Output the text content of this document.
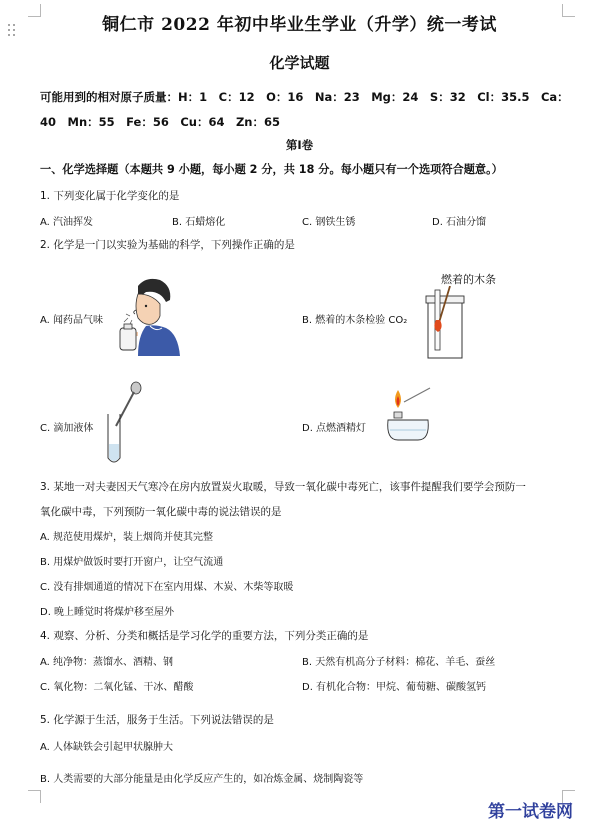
铜仁市 2022 年初中毕业生学业（升学）统一考试
化学试题
可能用到的相对原子质量：H：1　C：12　O：16　Na：23　Mg：24　S：32　Cl：35.5　Ca：
40　Mn：55　Fe：56　Cu：64　Zn：65
第Ⅰ卷
一、化学选择题（本题共 9 小题，每小题 2 分，共 18 分。每小题只有一个选项符合题意。）
1. 下列变化属于化学变化的是
A. 汽油挥发	B. 石蜡熔化	C. 钢铁生锈	D. 石油分馏
2. 化学是一门以实验为基础的科学，下列操作正确的是
A. 闻药品气味	B. 燃着的木条检验 CO₂
C. 滴加液体	D. 点燃酒精灯
燃着的木条
3. 某地一对夫妻因天气寒冷在房内放置炭火取暖，导致一氧化碳中毒死亡，该事件提醒我们要学会预防一
氧化碳中毒，下列预防一氧化碳中毒的说法错误的是
A. 规范使用煤炉，装上烟筒并使其完整
B. 用煤炉做饭时要打开窗户，让空气流通
C. 没有排烟通道的情况下在室内用煤、木炭、木柴等取暖
D. 晚上睡觉时将煤炉移至屋外
4. 观察、分析、分类和概括是学习化学的重要方法，下列分类正确的是
A. 纯净物：蒸馏水、酒精、钢	B. 天然有机高分子材料：棉花、羊毛、蚕丝
C. 氧化物：二氧化锰、干冰、醋酸	D. 有机化合物：甲烷、葡萄糖、碳酸氢钙
5. 化学源于生活，服务于生活。下列说法错误的是
A. 人体缺铁会引起甲状腺肿大
B. 人类需要的大部分能量是由化学反应产生的，如冶炼金属、烧制陶瓷等
第一试卷网
